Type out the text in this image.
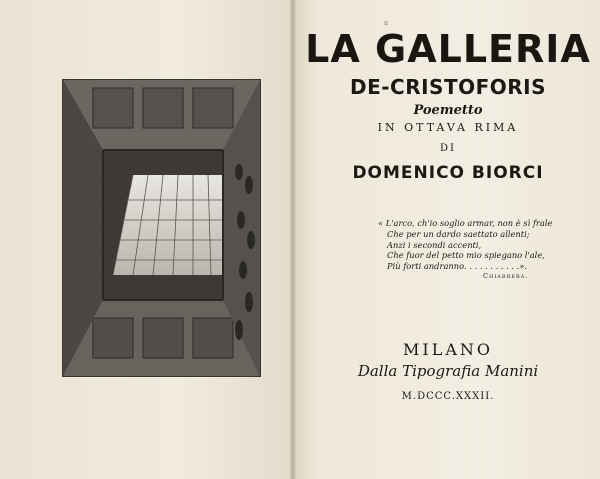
a
LA GALLERIA
DE-CRISTOFORIS
Poemetto
IN OTTAVA RIMA
DI
DOMENICO BIORCI
« L'arco, ch'io soglio armar, non è sì frale
Che per un dardo saettato allenti;
Anzi i secondi accenti,
Che fuor del petto mio spiegano l'ale,
Più forti andranno. . . . . . . . . . .».
Chiabrera.
MILANO
Dalla Tipografia Manini
M.DCCC.XXXII.
